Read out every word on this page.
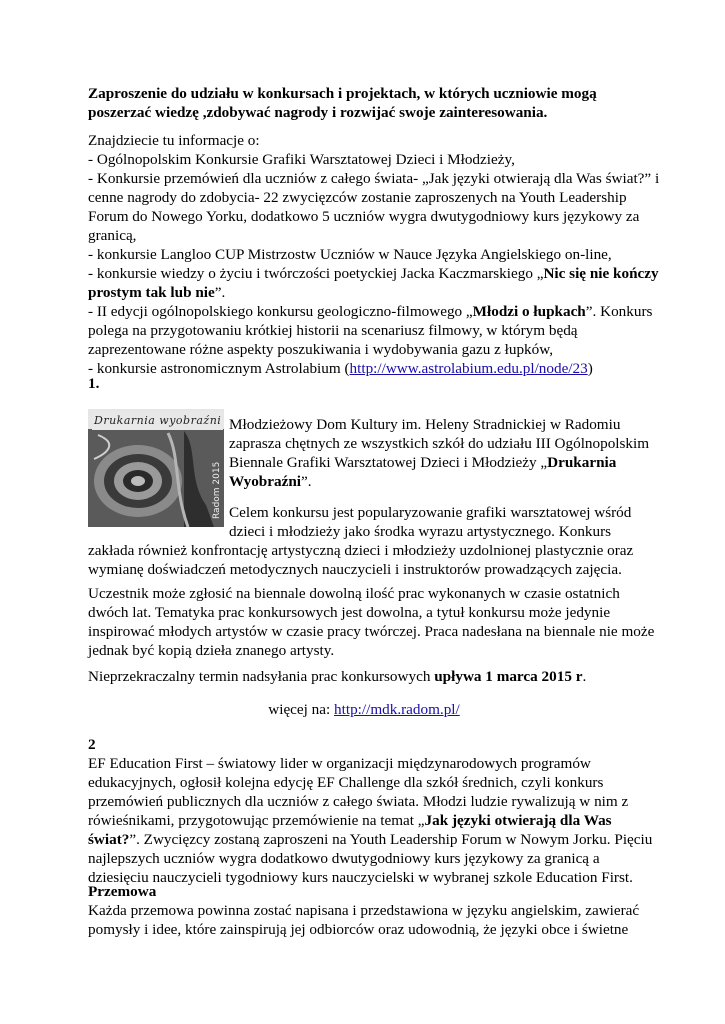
Zaproszenie do udziału w konkursach i projektach, w których uczniowie mogą
poszerzać wiedzę ,zdobywać nagrody i rozwijać swoje zainteresowania.
Znajdziecie tu informacje o:
- Ogólnopolskim Konkursie Grafiki Warsztatowej Dzieci i Młodzieży,
- Konkursie przemówień dla uczniów z całego świata- „Jak języki otwierają dla Was świat?” i
cenne nagrody do zdobycia- 22 zwycięzców zostanie zaproszenych na Youth Leadership
Forum do Nowego Yorku, dodatkowo 5 uczniów wygra dwutygodniowy kurs językowy za
granicą,
- konkursie Langloo CUP Mistrzostw Uczniów w Nauce Języka Angielskiego on-line,
- konkursie wiedzy o życiu i twórczości poetyckiej Jacka Kaczmarskiego „Nic się nie kończy
prostym tak lub nie”.
- II edycji ogólnopolskiego konkursu geologiczno-filmowego „Młodzi o łupkach”. Konkurs
polega na przygotowaniu krótkiej historii na scenariusz filmowy, w którym będą
zaprezentowane różne aspekty poszukiwania i wydobywania gazu z łupków,
- konkursie astronomicznym Astrolabium (http://www.astrolabium.edu.pl/node/23)
1.
Drukarnia wyobraźni
Radom 2015
Młodzieżowy Dom Kultury im. Heleny Stradnickiej w Radomiu
zaprasza chętnych ze wszystkich szkół do udziału III Ogólnopolskim
Biennale Grafiki Warsztatowej Dzieci i Młodzieży „Drukarnia
Wyobraźni”.
Celem konkursu jest popularyzowanie grafiki warsztatowej wśród
dzieci i młodzieży jako środka wyrazu artystycznego. Konkurs
zakłada również konfrontację artystyczną dzieci i młodzieży uzdolnionej plastycznie oraz
wymianę doświadczeń metodycznych nauczycieli i instruktorów prowadzących zajęcia.
Uczestnik może zgłosić na biennale dowolną ilość prac wykonanych w czasie ostatnich
dwóch lat. Tematyka prac konkursowych jest dowolna, a tytuł konkursu może jedynie
inspirować młodych artystów w czasie pracy twórczej. Praca nadesłana na biennale nie może
jednak być kopią dzieła znanego artysty.
Nieprzekraczalny termin nadsyłania prac konkursowych upływa 1 marca 2015 r.
więcej na: http://mdk.radom.pl/
2
EF Education First – światowy lider w organizacji międzynarodowych programów
edukacyjnych, ogłosił kolejna edycję EF Challenge dla szkół średnich, czyli konkurs
przemówień publicznych dla uczniów z całego świata. Młodzi ludzie rywalizują w nim z
rówieśnikami, przygotowując przemówienie na temat „Jak języki otwierają dla Was
świat?”. Zwycięzcy zostaną zaproszeni na Youth Leadership Forum w Nowym Jorku. Pięciu
najlepszych uczniów wygra dodatkowo dwutygodniowy kurs językowy za granicą a
dziesięciu nauczycieli tygodniowy kurs nauczycielski w wybranej szkole Education First.
Przemowa
Każda przemowa powinna zostać napisana i przedstawiona w języku angielskim, zawierać
pomysły i idee, które zainspirują jej odbiorców oraz udowodnią, że języki obce i świetne
